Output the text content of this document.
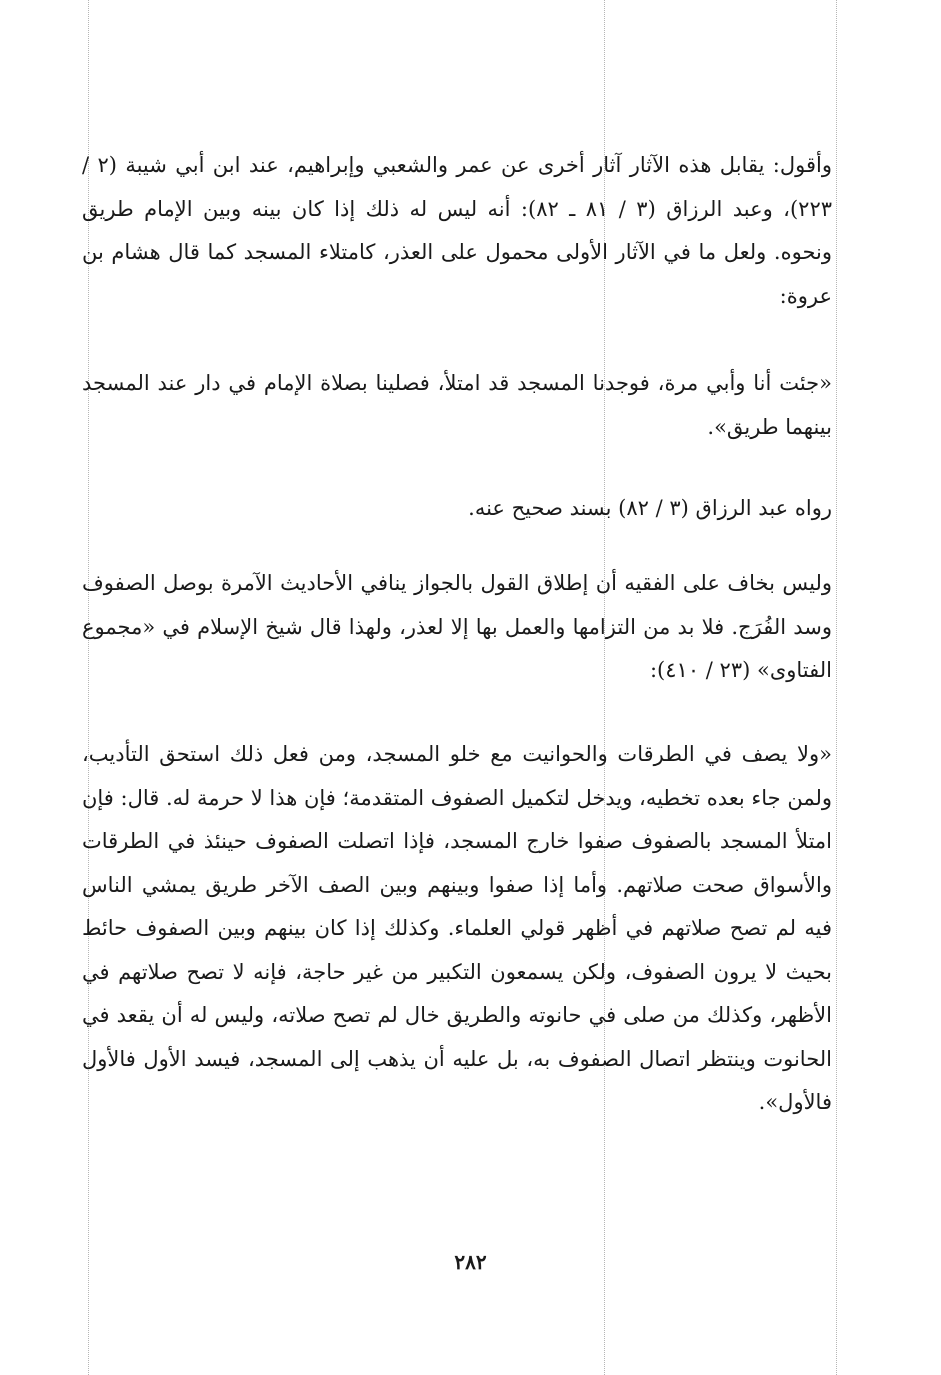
وأقول: يقابل هذه الآثار آثار أخرى عن عمر والشعبي وإبراهيم، عند ابن أبي شيبة (٢ / ٢٢٣)، وعبد الرزاق (٣ / ٨١ ـ ٨٢): أنه ليس له ذلك إذا كان بينه وبين الإمام طريق ونحوه. ولعل ما في الآثار الأولى محمول على العذر، كامتلاء المسجد كما قال هشام بن عروة:

«جئت أنا وأبي مرة، فوجدنا المسجد قد امتلأ، فصلينا بصلاة الإمام في دار عند المسجد بينهما طريق».

رواه عبد الرزاق (٣ / ٨٢) بسند صحيح عنه.

وليس بخاف على الفقيه أن إطلاق القول بالجواز ينافي الأحاديث الآمرة بوصل الصفوف وسد الفُرَج. فلا بد من التزامها والعمل بها إلا لعذر، ولهذا قال شيخ الإسلام في «مجموع الفتاوى» (٢٣ / ٤١٠):

«ولا يصف في الطرقات والحوانيت مع خلو المسجد، ومن فعل ذلك استحق التأديب، ولمن جاء بعده تخطيه، ويدخل لتكميل الصفوف المتقدمة؛ فإن هذا لا حرمة له. قال: فإن امتلأ المسجد بالصفوف صفوا خارج المسجد، فإذا اتصلت الصفوف حينئذ في الطرقات والأسواق صحت صلاتهم. وأما إذا صفوا وبينهم وبين الصف الآخر طريق يمشي الناس فيه لم تصح صلاتهم في أظهر قولي العلماء. وكذلك إذا كان بينهم وبين الصفوف حائط بحيث لا يرون الصفوف، ولكن يسمعون التكبير من غير حاجة، فإنه لا تصح صلاتهم في الأظهر، وكذلك من صلى في حانوته والطريق خال لم تصح صلاته، وليس له أن يقعد في الحانوت وينتظر اتصال الصفوف به، بل عليه أن يذهب إلى المسجد، فيسد الأول فالأول فالأول».

٢٨٢
